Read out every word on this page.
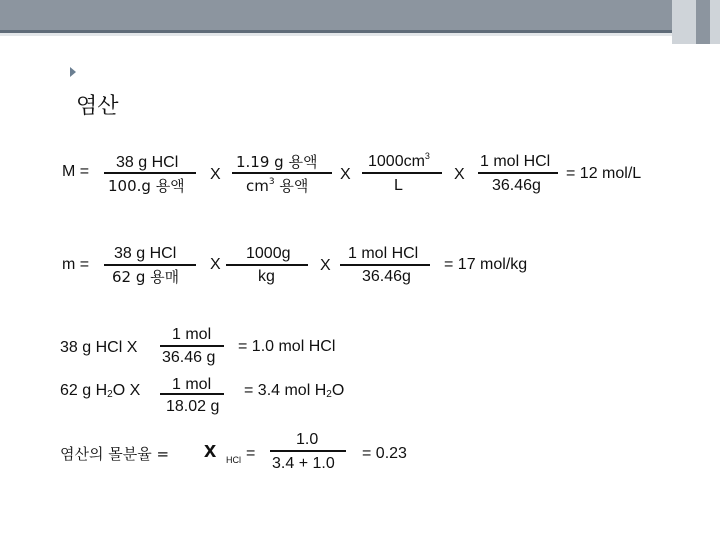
염산
M =
38 g HCl
100.g 용액
X
1.19 g 용액
$cm^3$ 용액
X
$1000cm^3$
L
X
1 mol HCl
36.46g
= 12 mol/L
m =
38 g HCl
62 g 용매
X
1000g
kg
X
1 mol HCl
36.46g
= 17 mol/kg
38 g HCl X
1 mol
36.46 g
= 1.0 mol HCl
62 g $H_2O$ X 1 mol
18.02 g
= 3.4 mol $H_2O$
염산의 몰분율 = x HCl =
1.0
3.4 + 1.0
= 0.23
